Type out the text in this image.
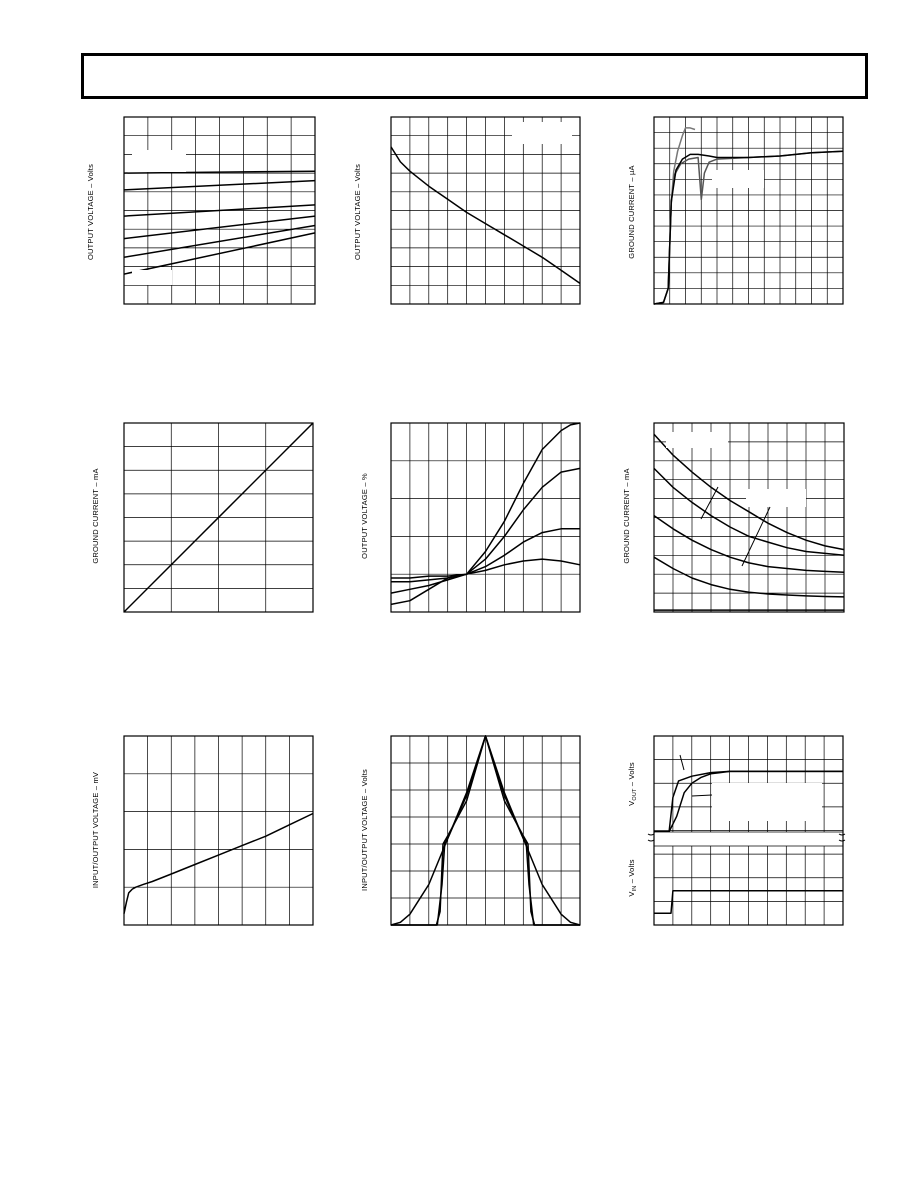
OUTPUT VOLTAGE – Volts	OUTPUT VOLTAGE – Volts	GROUND CURRENT – µA
GROUND CURRENT – mA	OUTPUT VOLTAGE – %	GROUND CURRENT – mA
INPUT/OUTPUT VOLTAGE – mV	INPUT/OUTPUT VOLTAGE – Volts	$V_{OUT}$ – Volts
$V_{IN}$ – Volts
